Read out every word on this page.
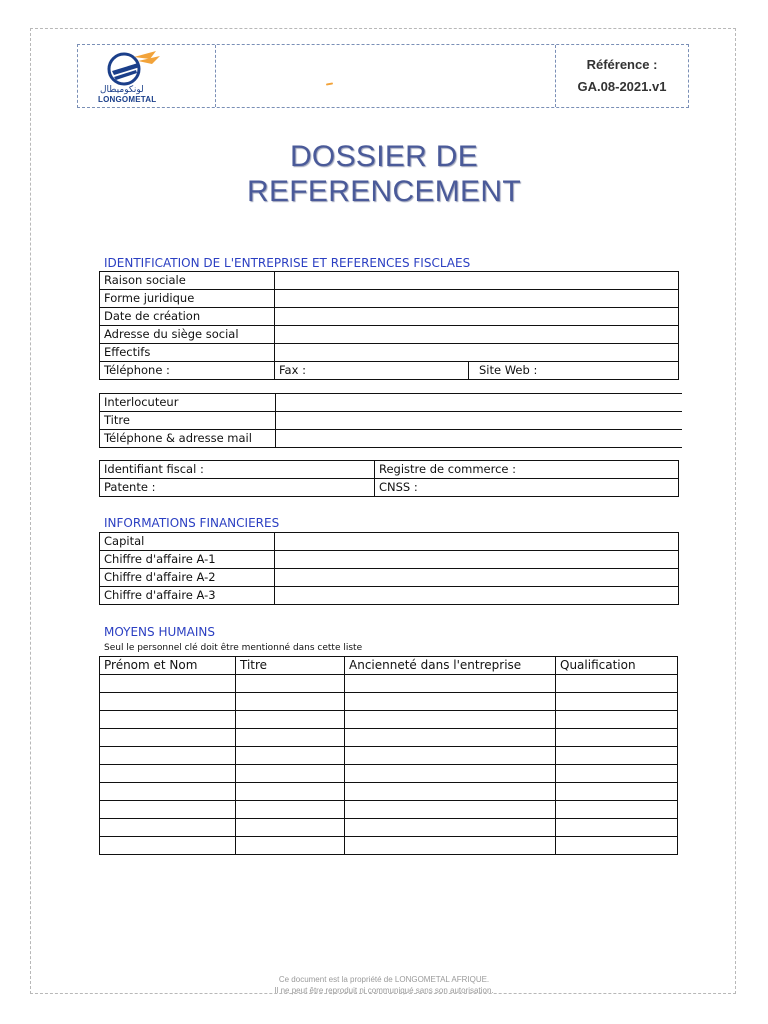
لونكوميطال
LONGOMETAL
Référence :
GA.08-2021.v1
DOSSIER DE
REFERENCEMENT
IDENTIFICATION DE L'ENTREPRISE ET REFERENCES FISCLAES
Raison sociale		
Forme juridique		
Date de création		
Adresse du siège social		
Effectifs		
Téléphone :	Fax :	Site Web :
Interlocuteur	
Titre	
Téléphone & adresse mail	
Identifiant fiscal :	Registre de commerce :
Patente :	CNSS :
INFORMATIONS FINANCIERES
Capital	
Chiffre d'affaire A-1	
Chiffre d'affaire A-2	
Chiffre d'affaire A-3	
MOYENS HUMAINS
Seul le personnel clé doit être mentionné dans cette liste
Prénom et Nom	Titre	Ancienneté dans l'entreprise	Qualification

Ce document est la propriété de LONGOMETAL AFRIQUE.
Il ne peut être reproduit ni communiqué sans son autorisation.
